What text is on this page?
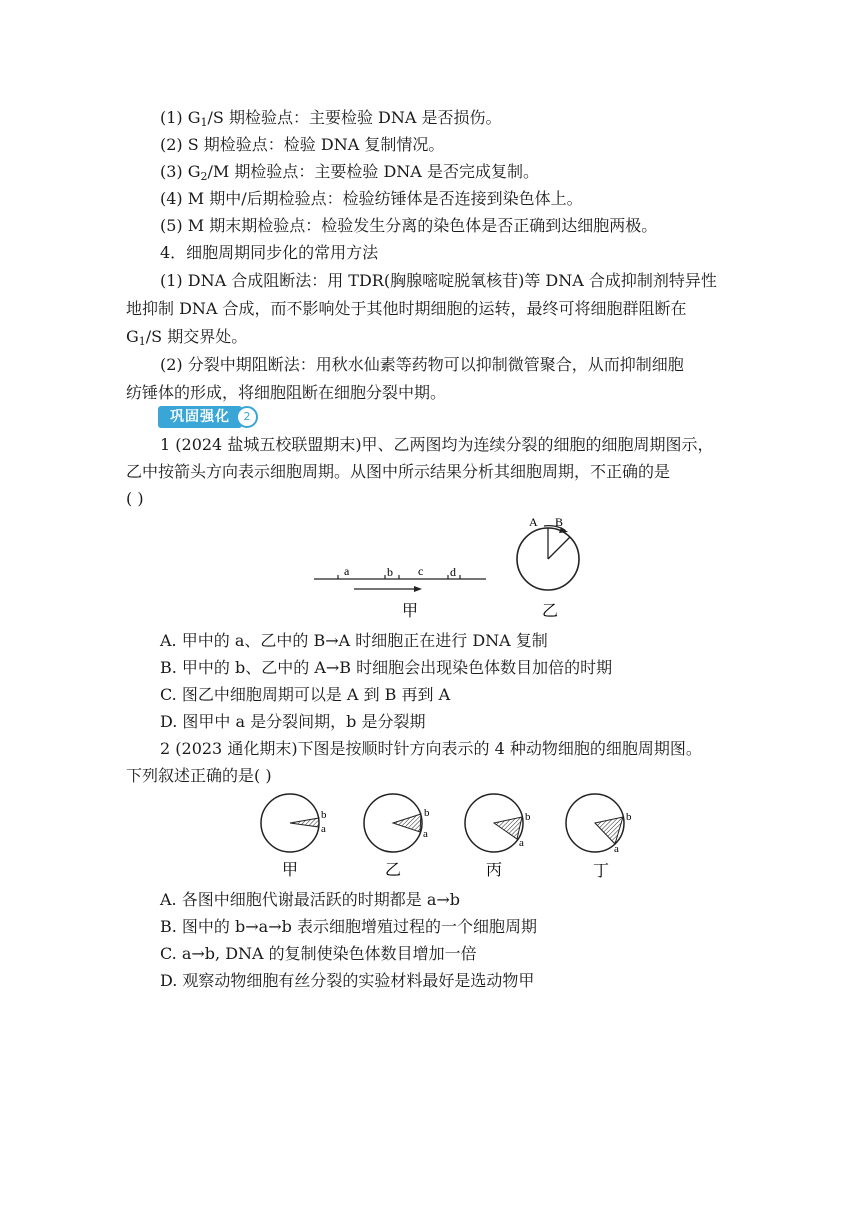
(1) $G_1/S$ 期检验点：主要检验 DNA 是否损伤。
(2) S 期检验点：检验 DNA 复制情况。
(3) $G_2/M$ 期检验点：主要检验 DNA 是否完成复制。
(4) M 期中/后期检验点：检验纺锤体是否连接到染色体上。
(5) M 期末期检验点：检验发生分离的染色体是否正确到达细胞两极。
4．细胞周期同步化的常用方法
(1) DNA 合成阻断法：用 TDR(胸腺嘧啶脱氧核苷)等 DNA 合成抑制剂特异性
地抑制 DNA 合成，而不影响处于其他时期细胞的运转，最终可将细胞群阻断在
$G_1/S$ 期交界处。
(2) 分裂中期阻断法：用秋水仙素等药物可以抑制微管聚合，从而抑制细胞
纺锤体的形成，将细胞阻断在细胞分裂中期。
巩固强化	2
1 (2024 盐城五校联盟期末)甲、乙两图均为连续分裂的细胞的细胞周期图示，
乙中按箭头方向表示细胞周期。从图中所示结果分析其细胞周期，不正确的是
( )
a	b c d
甲
A B
乙
A. 甲中的 a、乙中的 B→A 时细胞正在进行 DNA 复制
B. 甲中的 b、乙中的 A→B 时细胞会出现染色体数目加倍的时期
C. 图乙中细胞周期可以是 A 到 B 再到 A
D. 图甲中 a 是分裂间期，b 是分裂期
2 (2023 通化期末)下图是按顺时针方向表示的 4 种动物细胞的细胞周期图。
下列叙述正确的是( )
b
a
甲
b
a
乙
b
a
丙
b
a
丁
A. 各图中细胞代谢最活跃的时期都是 a→b
B. 图中的 b→a→b 表示细胞增殖过程的一个细胞周期
C. a→b, DNA 的复制使染色体数目增加一倍
D. 观察动物细胞有丝分裂的实验材料最好是选动物甲
